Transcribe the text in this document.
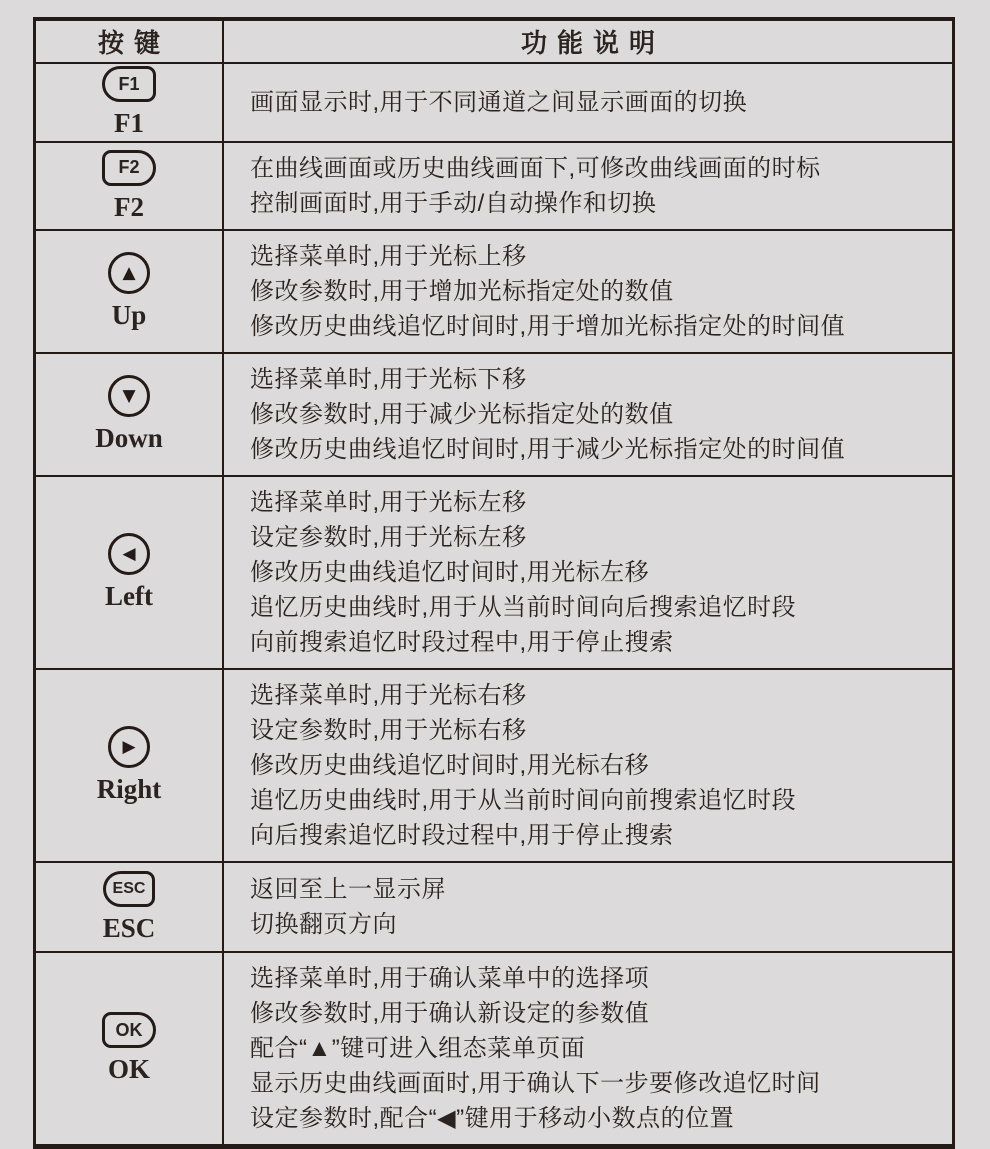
按键	功能说明
F1
F1
画面显示时,用于不同通道之间显示画面的切换
F2
F2
在曲线画面或历史曲线画面下,可修改曲线画面的时标
控制画面时,用于手动/自动操作和切换
▲
Up
选择菜单时,用于光标上移
修改参数时,用于增加光标指定处的数值
修改历史曲线追忆时间时,用于增加光标指定处的时间值
▼
Down
选择菜单时,用于光标下移
修改参数时,用于减少光标指定处的数值
修改历史曲线追忆时间时,用于减少光标指定处的时间值
◀
Left
选择菜单时,用于光标左移
设定参数时,用于光标左移
修改历史曲线追忆时间时,用光标左移
追忆历史曲线时,用于从当前时间向后搜索追忆时段
向前搜索追忆时段过程中,用于停止搜索
▶
Right
选择菜单时,用于光标右移
设定参数时,用于光标右移
修改历史曲线追忆时间时,用光标右移
追忆历史曲线时,用于从当前时间向前搜索追忆时段
向后搜索追忆时段过程中,用于停止搜索
ESC
ESC
返回至上一显示屏
切换翻页方向
OK
OK
选择菜单时,用于确认菜单中的选择项
修改参数时,用于确认新设定的参数值
配合“▲”键可进入组态菜单页面
显示历史曲线画面时,用于确认下一步要修改追忆时间
设定参数时,配合“◀”键用于移动小数点的位置
